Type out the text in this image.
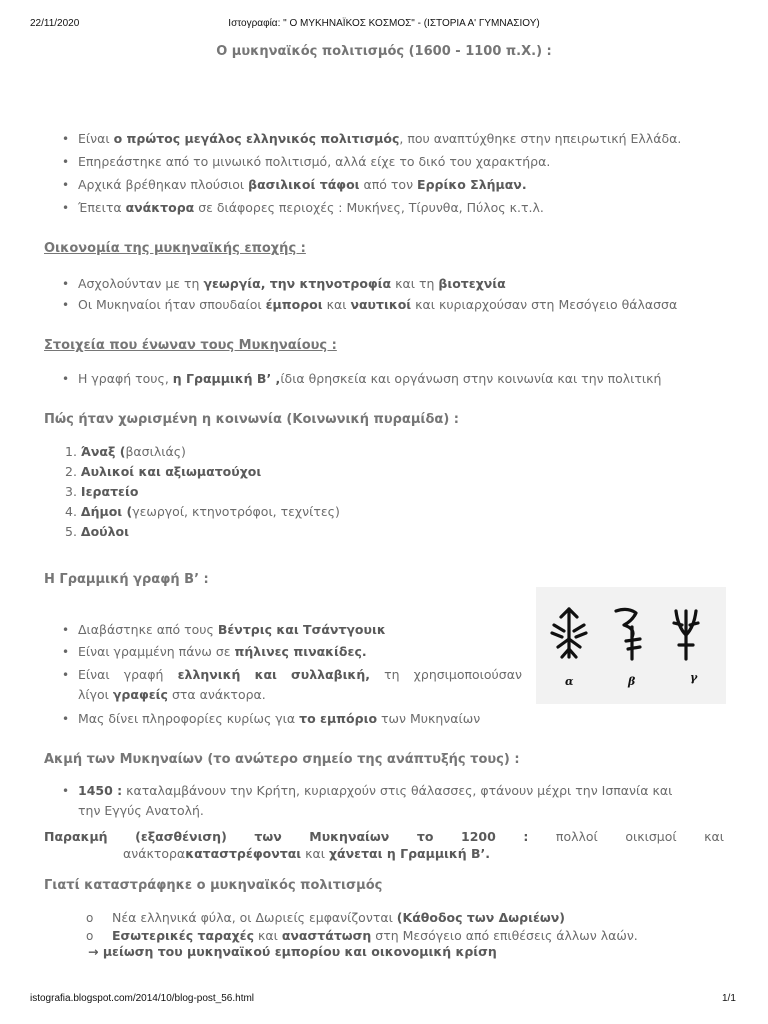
22/11/2020	Ιστογραφία: " Ο ΜΥΚΗΝΑΪΚΟΣ ΚΟΣΜΟΣ" - (ΙΣΤΟΡΙΑ Α' ΓΥΜΝΑΣΙΟΥ)
Ο μυκηναϊκός πολιτισμός (1600 - 1100 π.Χ.) :
• Είναι ο πρώτος μεγάλος ελληνικός πολιτισμός, που αναπτύχθηκε στην ηπειρωτική Ελλάδα.
• Επηρεάστηκε από το μινωικό πολιτισμό, αλλά είχε το δικό του χαρακτήρα.
• Αρχικά βρέθηκαν πλούσιοι βασιλικοί τάφοι από τον Ερρίκο Σλήμαν.
• Έπειτα ανάκτορα σε διάφορες περιοχές : Μυκήνες, Τίρυνθα, Πύλος κ.τ.λ.
Οικονομία της μυκηναϊκής εποχής :
• Ασχολούνταν με τη γεωργία, την κτηνοτροφία και τη βιοτεχνία
• Οι Μυκηναίοι ήταν σπουδαίοι έμποροι και ναυτικοί και κυριαρχούσαν στη Μεσόγειο θάλασσα
Στοιχεία που ένωναν τους Μυκηναίους :
• Η γραφή τους, η Γραμμική Β’ ,ίδια θρησκεία και οργάνωση στην κοινωνία και την πολιτική
Πώς ήταν χωρισμένη η κοινωνία (Κοινωνική πυραμίδα) :
1. Άναξ (βασιλιάς)
2. Αυλικοί και αξιωματούχοι
3. Ιερατείο
4. Δήμοι (γεωργοί, κτηνοτρόφοι, τεχνίτες)
5. Δούλοι
Η Γραμμική γραφή Β’ :
• Διαβάστηκε από τους Βέντρις και Τσάντγουικ
• Είναι γραμμένη πάνω σε πήλινες πινακίδες.
• Είναι γραφή ελληνική και συλλαβική, τη χρησιμοποιούσαν
λίγοι γραφείς στα ανάκτορα.
• Μας δίνει πληροφορίες κυρίως για το εμπόριο των Μυκηναίων
α	β	γ
Ακμή των Μυκηναίων (το ανώτερο σημείο της ανάπτυξής τους) :
• 1450 : καταλαμβάνουν την Κρήτη, κυριαρχούν στις θάλασσες, φτάνουν μέχρι την Ισπανία και
την Εγγύς Ανατολή.
Παρακμή (εξασθένιση) των Μυκηναίων το 1200 : πολλοί οικισμοί και
ανάκτορακαταστρέφονται και χάνεται η Γραμμική Β’.
Γιατί καταστράφηκε ο μυκηναϊκός πολιτισμός
o Νέα ελληνικά φύλα, οι Δωριείς εμφανίζονται (Κάθοδος των Δωριέων)
o Εσωτερικές ταραχές και αναστάτωση στη Μεσόγειο από επιθέσεις άλλων λαών.
→ μείωση του μυκηναϊκού εμπορίου και οικονομική κρίση
istografia.blogspot.com/2014/10/blog-post_56.html	1/1
